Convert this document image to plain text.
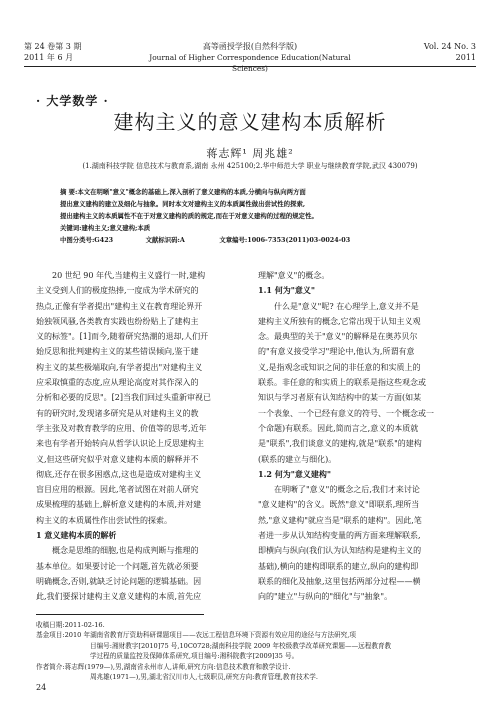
第 24 卷第 3 期
2011 年 6 月
高等函授学报(自然科学版)
Journal of Higher Correspondence Education(Natural Sciences)
Vol. 24 No. 3
2011
· 大学数学 ·
建构主义的意义建构本质解析
蒋志辉¹ 周兆雄²
(1.湖南科技学院 信息技术与教育系,湖南 永州 425100;2.华中师范大学 职业与继续教育学院,武汉 430079)
摘 要:本文在明晰"意义"概念的基础上,深入剖析了意义建构的本质,分横向与纵向两方面
提出意义建构的建立及细化与抽象。同时本文对建构主义的本质属性做出尝试性的探索,
提出建构主义的本质属性不在于对意义建构的质的规定,而在于对意义建构的过程的规定性。
关键词:建构主义;意义建构;本质
中图分类号:G423	文献标识码:A	文章编号:1006-7353(2011)03-0024-03

20 世纪 90 年代,当建构主义盛行一时,建构

主义受到人们的极度热捧,一度成为学术研究的

热点,正像有学者提出"建构主义在教育理论界开

始独领风骚,各类教育实践也纷纷贴上了建构主

义的标签"。[1]而今,随着研究热潮的退却,人们开

始反思和批判建构主义的某些错误倾向,鉴于建

构主义的某些极端取向,有学者提出"对建构主义

应采取慎重的态度,应从理论高度对其作深入的

分析和必要的反思"。[2]当我们回过头重新审视已

有的研究时,发现诸多研究是从对建构主义的教

学主张及对教育教学的应用、价值等的思考,近年

来也有学者开始转向从哲学认识论上反思建构主

义,但这些研究似乎对意义建构本质的解释并不

彻底,还存在很多困惑点,这也是造成对建构主义

盲目应用的根源。因此,笔者试图在对前人研究

成果梳理的基础上,解析意义建构的本质,并对建

构主义的本质属性作出尝试性的探索。

1 意义建构本质的解析

概念是思维的细胞,也是构成判断与推理的

基本单位。如果要讨论一个问题,首先就必须要

明确概念,否则,就缺乏讨论问题的逻辑基础。因

此,我们要探讨建构主义意义建构的本质,首先应

理解"意义"的概念。

1.1 何为"意义"

什么是"意义"呢? 在心理学上,意义并不是

建构主义所独有的概念,它常出现于认知主义观

念。最典型的关于"意义"的解释是在奥苏贝尔

的"有意义接受学习"理论中,他认为,所谓有意

义,是指观念或知识之间的非任意的和实质上的

联系。非任意的和实质上的联系是指这些观念或

知识与学习者原有认知结构中的某一方面(如某

一个表象、一个已经有意义的符号、一个概念或一

个命题)有联系。因此,简而言之,意义的本质就

是"联系",我们谈意义的建构,就是"联系"的建构

(联系的建立与细化)。

1.2 何为"意义建构"

在明晰了"意义"的概念之后,我们才来讨论

"意义建构"的含义。既然"意义"即联系,理所当

然,"意义建构"就应当是"联系的建构"。因此,笔

者进一步从认知结构变量的两方面来理解联系,

即横向与纵向(我们认为认知结构是建构主义的

基础),横向的建构即联系的建立,纵向的建构即

联系的细化及抽象,这里包括两部分过程——横

向的"建立"与纵向的"细化"与"抽象"。

收稿日期:2011-02-16.
基金项目:2010 年湖南省教育厅资助科研课题项目——农远工程信息环境下资源有效应用的途径与方法研究,项
目编号:湘财教字[2010]75 号,10C0728;湖南科技学院 2009 年校级教学改革研究课题——远程教育教
学过程的质量监控及保障体系研究,项目编号:湘科院教字[2009]35 号。
作者简介:蒋志辉(1979—),男,湖南省永州市人,讲师,研究方向:信息技术教育和教学设计.
周兆雄(1971—),男,湖北省汉川市人,七级职员,研究方向:教育管理,教育技术学.
24
